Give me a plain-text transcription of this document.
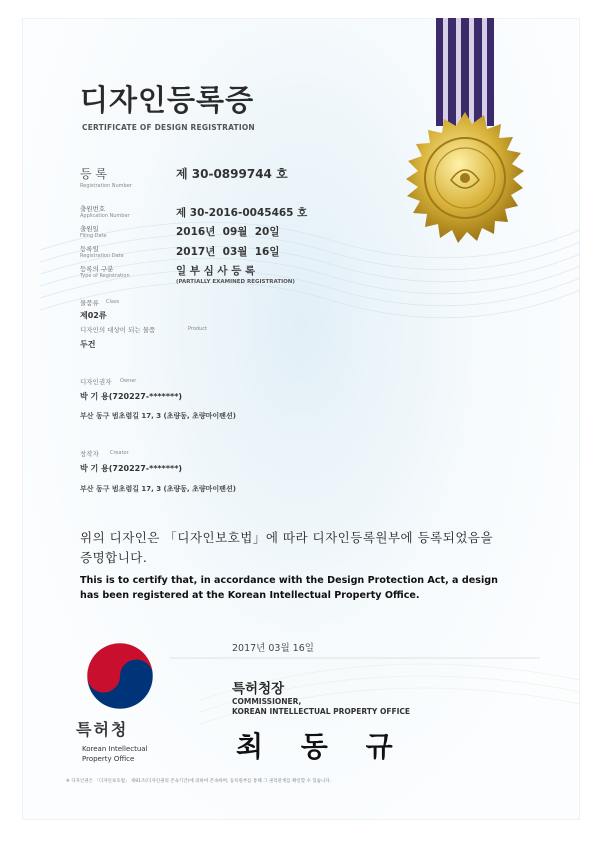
디자인등록증
CERTIFICATE OF DESIGN REGISTRATION
등 록
Registration Number
제 30-0899744 호
출원번호
Application Number	제 30-2016-0045465 호
출원일
Filing Date	2016년  09월  20일
등록일
Registration Date	2017년  03월  16일
등록의 구분
Type of Registration	일 부 심 사 등 록
(PARTIALLY EXAMINED REGISTRATION)
물품류 Class
제02류
디자인의 대상이 되는 물품	Product
두건
디자인권자 Owner
박 기 용(720227-*******)
부산 동구 범초렴길 17, 3 (초량동, 초량마이팬션)
창작자 Creator
박 기 용(720227-*******)
부산 동구 범초렴길 17, 3 (초량동, 초량마이팬션)
위의 디자인은 「디자인보호법」에 따라 디자인등록원부에 등록되었음을
증명합니다.
This is to certify that, in accordance with the Design Protection Act, a design
has been registered at the Korean Intellectual Property Office.
2017년 03월 16일
특허청장
COMMISSIONER,
KOREAN INTELLECTUAL PROPERTY OFFICE
최 동 규
특허청
Korean Intellectual
Property Office
※ 디자인권은 「디자인보호법」 제91조(디자인권의 존속기간)에 의하여 존속하며, 등록원부를 통해 그 권리관계를 확인할 수 있습니다.
